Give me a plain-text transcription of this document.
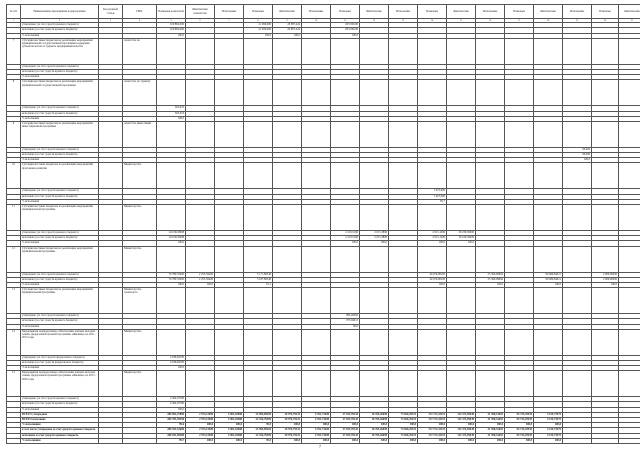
№ п/п	Наименование мероприятия подпрограммы	Код целевой статьи	ГРБС	Плановые показатели	Фактические показатели	Исполнение	Плановые	Фактические	Исполнение	Плановые	Фактические	Исполнение	Плановые	Фактические	Исполнение	Плановые	Фактические	Исполнение	Плановые	Фактические
1	2	3	4	5	6	7	8	9	10	11	12	13	14	15	16	17	18	19	20	21
	утверждено (за счет средств краевого бюджета)			100 882,000			21 990,000	20 887,424		603 000,00										
	исполнено (за счет средств краевого бюджета)			100 882,000			21 990,000	20 887,424		603 000,00										
	% исполнения			100,0			100,0	100,0		100,0										
7	Субсидия местным бюджетам на реализацию мероприятий муниципальной государственной программы поддержки субъектов малого и среднего предпринимательства		Агентство по																	
	утверждено (за счет средств краевого бюджета)																			
	исполнено (за счет средств краевого бюджета)																			
	% исполнения																			
8	Субсидия местным бюджетам на реализацию мероприятий муниципальной государственной программы		Агентство по туризму																	
	утверждено (за счет средств краевого бюджета)			363,653																
	исполнено (за счет средств краевого бюджета)			363,653																
	% исполнения			100,0																
9	Субсидия местным бюджетам на реализацию мероприятий инвестиционной программы		Агентство инвестиций																	
	утверждено (за счет средств краевого бюджета)																	90,000		
	исполнено (за счет средств краевого бюджета)																	90,000		
	% исполнения																	100,0		
10	Субсидии местным бюджетам на реализацию мероприятий программы развития		Министерство																	
	утверждено (за счет средств краевого бюджета)												3 975,000							
	исполнено (за счет средств краевого бюджета)												3 407,000							
	% исполнения												85,7							
11	Субсидии местным бюджетам на реализацию мероприятий муниципальной программы		Министерство																	
	утверждено (за счет средств краевого бюджета)			116 002,8098						2 219,5160	2 615,3890		2 615,1290	39 230,39000						
	исполнено (за счет средств краевого бюджета)			116 002,8098						2 219,5160	2 615,3890		2 615,1290	39 230,39000						
	% исполнения			100,0						100,0	100,0		100,0	100,0						
12	Субсидия местным бюджетам на реализацию мероприятий муниципальной программы		Министерство																	
	утверждено (за счет средств краевого бюджета)			79 780,35000	2 255,59400		5 171,86540						49 976,98100		25 366,09894		99 680,84021		2 900,00000	
	исполнено (за счет средств краевого бюджета)			79 780,35000	2 255,59400		5 187,86540						49 976,98100		25 366,09894		99 680,84021		2 900,00000	
	% исполнения			100,0	100,0		91,1						100,0		100,0		100,0		100,0	
13	Субсидия местным бюджетам на реализацию мероприятий муниципальной программы		Министерство транспорта																	
	утверждено (за счет средств краевого бюджета)									985,40000										
	исполнено (за счет средств краевого бюджета)									975,04013										
	% исполнения									99,0										
14	Мероприятия подпрограммы «Обеспечение жильем молодых семей» федеральной целевой программы «Жилище» на 2011 - 2015 годы		Министерство																	
	утверждено (за счет средств федерального бюджета)			4 036,84700																
	исполнено (за счет средств федерального бюджета)			4 036,84700																
	% исполнения			100,0																
15	Мероприятия подпрограммы «Обеспечение жильем молодых семей» федеральной целевой программы «Жилище» на 2015 - 2020 годы		Министерство																	
	утверждено (за счет средств краевого бюджета)			4 364,07300																
	исполнено (за счет средств краевого бюджета)			4 364,07300																
	% исполнения			100,0																
	ВСЕГО утверждено			285 852,27800	2 573,11900	3 901,16080	23 995,09304	20 974,79241	4 761,73400	37 023,78143	16 765,26690	73 820,29115	172 172,33115	114 373,95049	31 958,31693	94 733,29935	4 155,73575			
	ВСЕГО исполнено			284 783,78450	2 573,11900	3 901,16080	22 914,79309	20 974,79241	4 761,73400	37 023,78143	16 765,26690	73 820,29115	172 172,33115	114 373,95049	31 958,31693	94 733,29935	4 155,73575			
	% исполнения			99,6	100,0	100,0	95,5	100,0	100,0	100,0	100,0	100,0	100,0	100,0	100,0	100,0	100,0			
	в том числе утверждено за счет средств краевого бюджета			280 932,32600	2 573,11900	3 901,16080	23 995,09304	20 974,79241	4 761,73400	37 023,78143	16 765,26690	73 820,29115	172 172,33115	114 373,95049	31 958,31693	94 733,29935	4 155,73575			
	исполнено за счет средств краевого бюджета			280 031,99400	2 573,11900	3 901,16080	22 914,79309	20 974,79241	4 761,73400	37 023,78143	16 765,26690	73 820,29115	172 172,33115	114 373,95049	31 958,31693	94 733,29935	4 155,73575			
	% исполнения			99,7	100,0	100,0	95,5	100,0	100,0	100,0	100,0	100,0	100,0	100,0	100,0	100,0	100,0			
7
